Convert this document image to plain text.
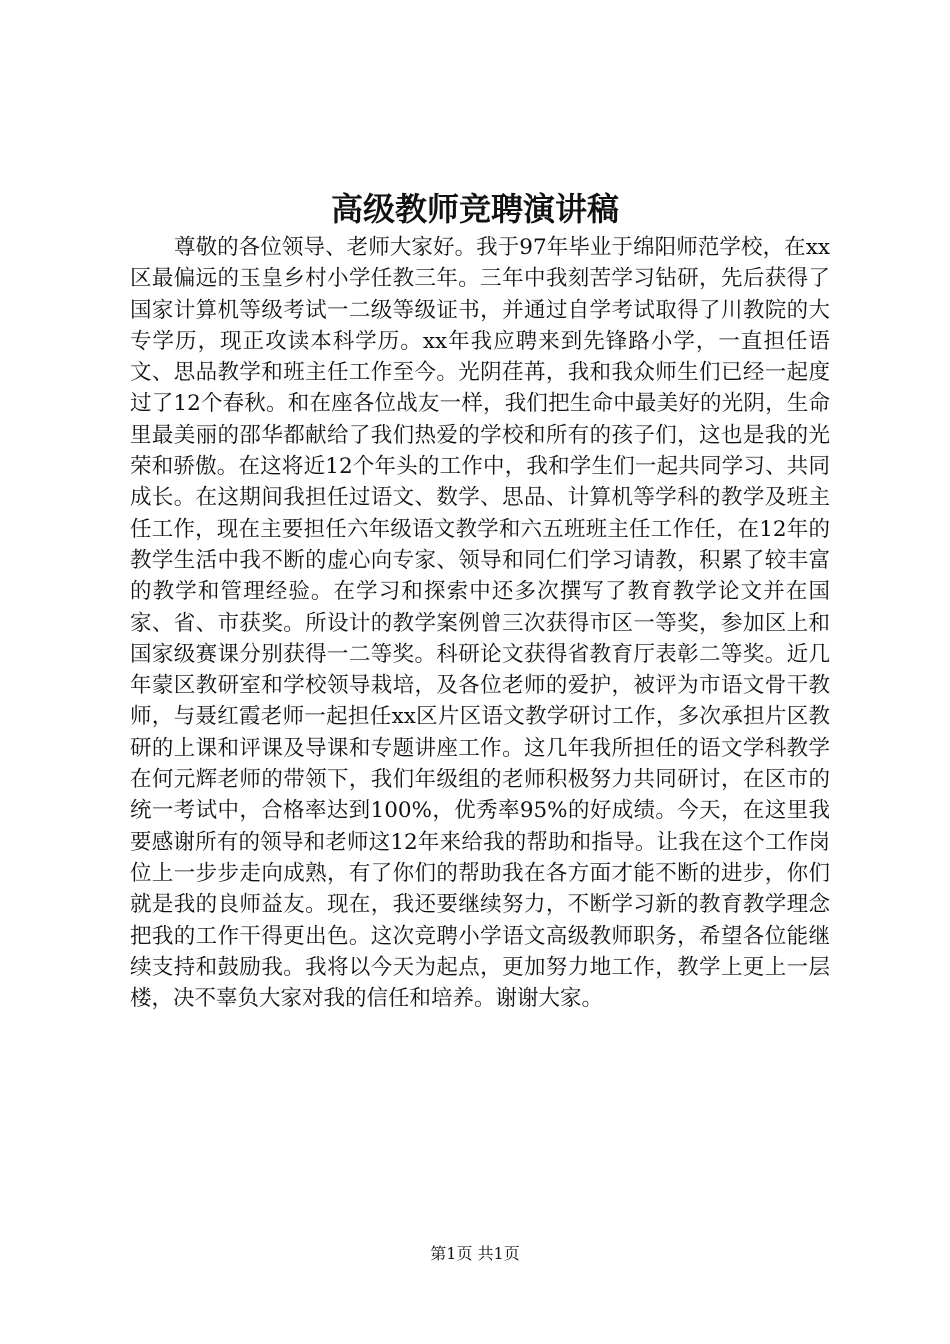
高级教师竞聘演讲稿

尊敬的各位领导、老师大家好。我于97年毕业于绵阳师范学校，在xx区最偏远的玉皇乡村小学任教三年。三年中我刻苦学习钻研，先后获得了国家计算机等级考试一二级等级证书，并通过自学考试取得了川教院的大专学历，现正攻读本科学历。xx年我应聘来到先锋路小学，一直担任语文、思品教学和班主任工作至今。光阴荏苒，我和我众师生们已经一起度过了12个春秋。和在座各位战友一样，我们把生命中最美好的光阴，生命里最美丽的邵华都献给了我们热爱的学校和所有的孩子们，这也是我的光荣和骄傲。在这将近12个年头的工作中，我和学生们一起共同学习、共同成长。在这期间我担任过语文、数学、思品、计算机等学科的教学及班主任工作，现在主要担任六年级语文教学和六五班班主任工作任，在12年的教学生活中我不断的虚心向专家、领导和同仁们学习请教，积累了较丰富的教学和管理经验。在学习和探索中还多次撰写了教育教学论文并在国家、省、市获奖。所设计的教学案例曾三次获得市区一等奖，参加区上和国家级赛课分别获得一二等奖。科研论文获得省教育厅表彰二等奖。近几年蒙区教研室和学校领导栽培，及各位老师的爱护，被评为市语文骨干教师，与聂红霞老师一起担任xx区片区语文教学研讨工作，多次承担片区教研的上课和评课及导课和专题讲座工作。这几年我所担任的语文学科教学在何元辉老师的带领下，我们年级组的老师积极努力共同研讨，在区市的统一考试中，合格率达到100%，优秀率95%的好成绩。今天，在这里我要感谢所有的领导和老师这12年来给我的帮助和指导。让我在这个工作岗位上一步步走向成熟，有了你们的帮助我在各方面才能不断的进步，你们就是我的良师益友。现在，我还要继续努力，不断学习新的教育教学理念把我的工作干得更出色。这次竞聘小学语文高级教师职务，希望各位能继续支持和鼓励我。我将以今天为起点，更加努力地工作，教学上更上一层楼，决不辜负大家对我的信任和培养。谢谢大家。

第1页 共1页
